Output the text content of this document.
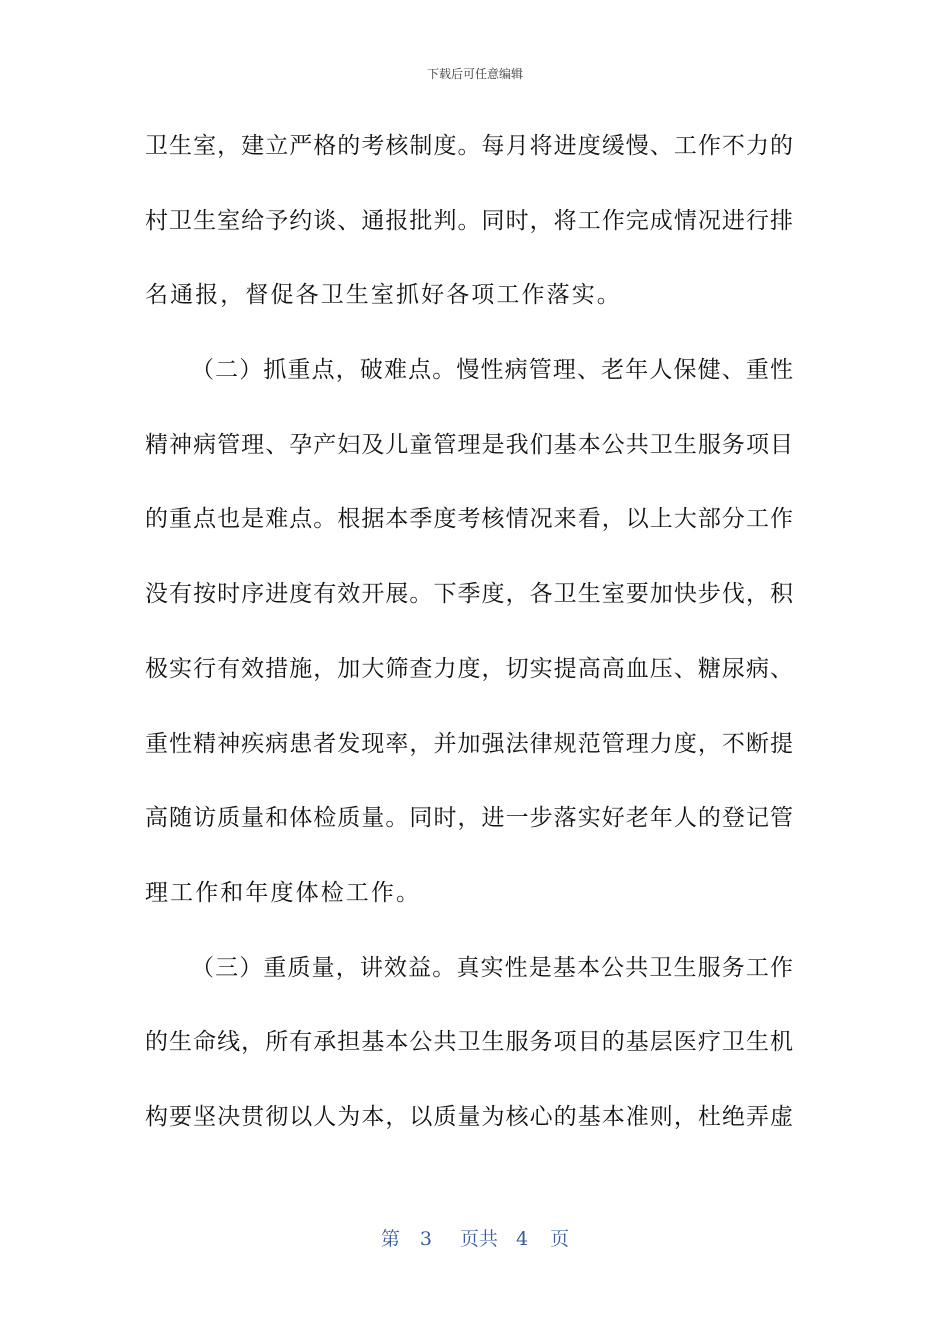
下载后可任意编辑
卫生室，建立严格的考核制度。每月将进度缓慢、工作不力的
村卫生室给予约谈、通报批判。同时，将工作完成情况进行排
名通报，督促各卫生室抓好各项工作落实。
（二）抓重点，破难点。慢性病管理、老年人保健、重性
精神病管理、孕产妇及儿童管理是我们基本公共卫生服务项目
的重点也是难点。根据本季度考核情况来看，以上大部分工作
没有按时序进度有效开展。下季度，各卫生室要加快步伐，积
极实行有效措施，加大筛查力度，切实提高高血压、糖尿病、
重性精神疾病患者发现率，并加强法律规范管理力度，不断提
高随访质量和体检质量。同时，进一步落实好老年人的登记管
理工作和年度体检工作。
（三）重质量，讲效益。真实性是基本公共卫生服务工作
的生命线，所有承担基本公共卫生服务项目的基层医疗卫生机
构要坚决贯彻以人为本，以质量为核心的基本准则，杜绝弄虚
第 3 页共 4 页
